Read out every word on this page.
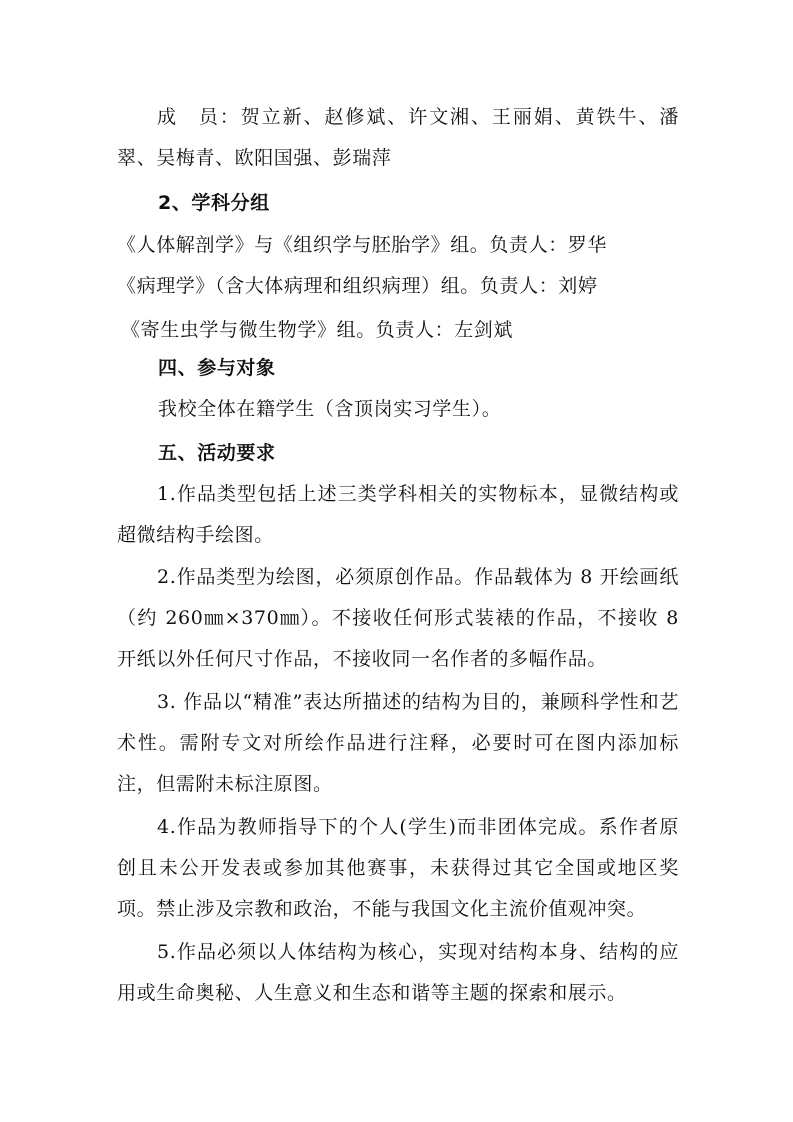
成　员：贺立新、赵修斌、许文湘、王丽娟、黄铁牛、潘翠、吴梅青、欧阳国强、彭瑞萍
2、学科分组
《人体解剖学》与《组织学与胚胎学》组。负责人：罗华
《病理学》（含大体病理和组织病理）组。负责人：刘婷
《寄生虫学与微生物学》组。负责人：左剑斌
四、参与对象
我校全体在籍学生（含顶岗实习学生）。
五、活动要求
1.作品类型包括上述三类学科相关的实物标本，显微结构或超微结构手绘图。
2.作品类型为绘图，必须原创作品。作品载体为 8 开绘画纸（约 260㎜×370㎜）。不接收任何形式装裱的作品，不接收 8 开纸以外任何尺寸作品，不接收同一名作者的多幅作品。
3. 作品以“精准”表达所描述的结构为目的，兼顾科学性和艺术性。需附专文对所绘作品进行注释，必要时可在图内添加标注，但需附未标注原图。
4.作品为教师指导下的个人(学生)而非团体完成。系作者原创且未公开发表或参加其他赛事，未获得过其它全国或地区奖项。禁止涉及宗教和政治，不能与我国文化主流价值观冲突。
5.作品必须以人体结构为核心，实现对结构本身、结构的应用或生命奥秘、人生意义和生态和谐等主题的探索和展示。
